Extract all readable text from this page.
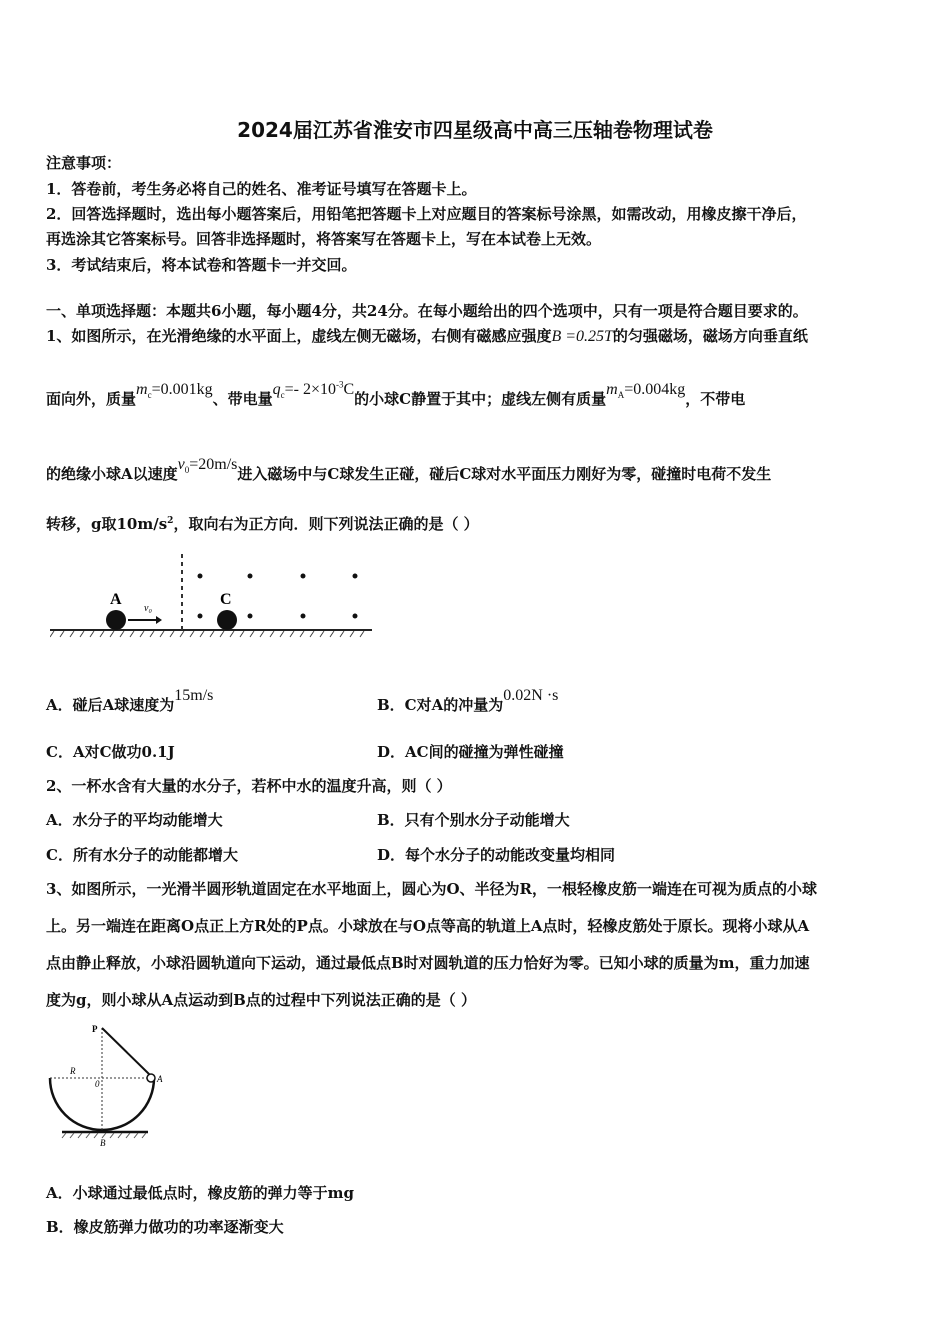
2024届江苏省淮安市四星级高中高三压轴卷物理试卷
注意事项：
1．答卷前，考生务必将自己的姓名、准考证号填写在答题卡上。
2．回答选择题时，选出每小题答案后，用铅笔把答题卡上对应题目的答案标号涂黑，如需改动，用橡皮擦干净后，
再选涂其它答案标号。回答非选择题时，将答案写在答题卡上，写在本试卷上无效。
3．考试结束后，将本试卷和答题卡一并交回。
一、单项选择题：本题共6小题，每小题4分，共24分。在每小题给出的四个选项中，只有一项是符合题目要求的。
1、如图所示，在光滑绝缘的水平面上，虚线左侧无磁场，右侧有磁感应强度B =0.25T的匀强磁场，磁场方向垂直纸
面向外，质量$m_c=0.001kg$、带电量$q_c=-$ $2\times 10^{-3}C$的小球C静置于其中；虚线左侧有质量$m_A=0.004kg$，不带电
的绝缘小球A以速度$v_0=20m/s$进入磁场中与C球发生正碰，碰后C球对水平面压力刚好为零，碰撞时电荷不发生
转移，g取$10m/s^2$，取向右为正方向．则下列说法正确的是（ ）
A	C
v₀
A．碰后A球速度为15m/s
B．C对A的冲量为0.02N ·s
C．A对C做功0.1J	D．AC间的碰撞为弹性碰撞
2、一杯水含有大量的水分子，若杯中水的温度升高，则（ ）
A．水分子的平均动能增大	B．只有个别水分子动能增大
C．所有水分子的动能都增大	D．每个水分子的动能改变量均相同
3、如图所示，一光滑半圆形轨道固定在水平地面上，圆心为O、半径为R，一根轻橡皮筋一端连在可视为质点的小球
上。另一端连在距离O点正上方R处的P点。小球放在与O点等高的轨道上A点时，轻橡皮筋处于原长。现将小球从A
点由静止释放，小球沿圆轨道向下运动，通过最低点B时对圆轨道的压力恰好为零。已知小球的质量为m，重力加速
度为g，则小球从A点运动到B点的过程中下列说法正确的是（ ）
P
R
0	A
B
A．小球通过最低点时，橡皮筋的弹力等于mg
B．橡皮筋弹力做功的功率逐渐变大
